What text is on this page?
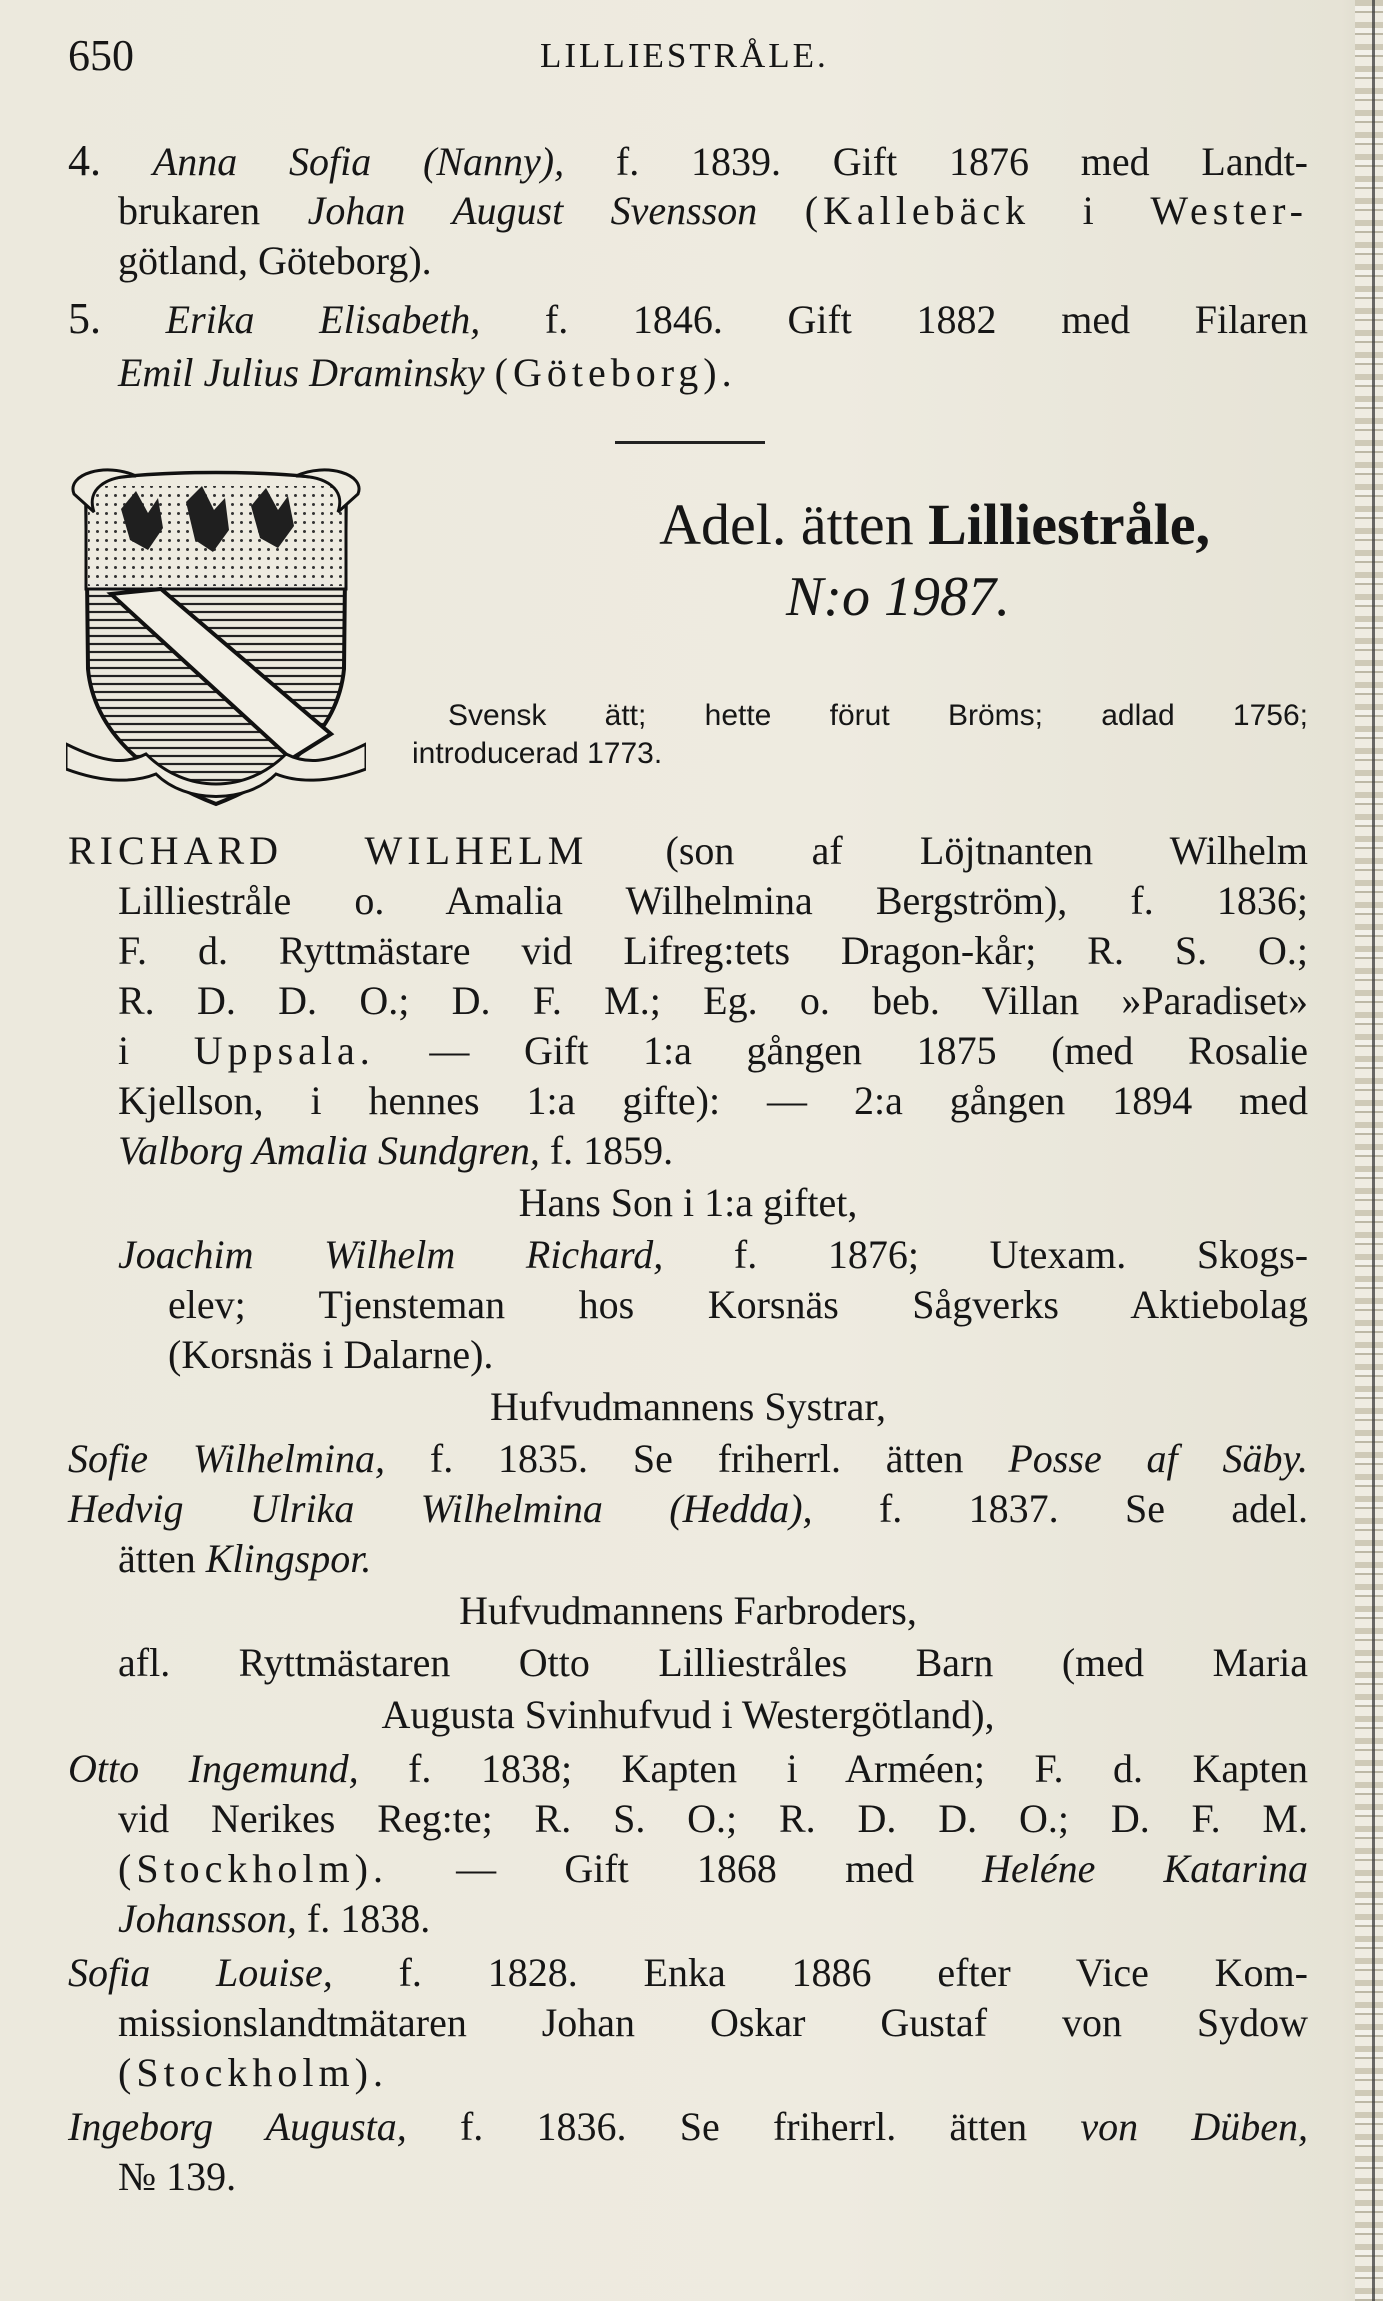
650	LILLIESTRÅLE.
4. Anna Sofia (Nanny), f. 1839. Gift 1876 med Landt-
brukaren Johan August Svensson (Kallebäck i Wester-
götland, Göteborg).
5. Erika Elisabeth, f. 1846. Gift 1882 med Filaren
Emil Julius Draminsky (Göteborg).
Adel. ätten Lilliestråle,
N:o 1987.
Svensk ätt; hette förut Bröms; adlad 1756;
introducerad 1773.
RICHARD WILHELM (son af Löjtnanten Wilhelm
Lilliestråle o. Amalia Wilhelmina Bergström), f. 1836;
F. d. Ryttmästare vid Lifreg:tets Dragon-kår; R. S. O.;
R. D. D. O.; D. F. M.; Eg. o. beb. Villan »Paradiset»
i Uppsala. — Gift 1:a gången 1875 (med Rosalie
Kjellson, i hennes 1:a gifte): — 2:a gången 1894 med
Valborg Amalia Sundgren, f. 1859.
Hans Son i 1:a giftet,
Joachim Wilhelm Richard, f. 1876; Utexam. Skogs-
elev; Tjensteman hos Korsnäs Sågverks Aktiebolag
(Korsnäs i Dalarne).
Hufvudmannens Systrar,
Sofie Wilhelmina, f. 1835. Se friherrl. ätten Posse af Säby.
Hedvig Ulrika Wilhelmina (Hedda), f. 1837. Se adel.
ätten Klingspor.
Hufvudmannens Farbroders,
afl. Ryttmästaren Otto Lilliestråles Barn (med Maria
Augusta Svinhufvud i Westergötland),
Otto Ingemund, f. 1838; Kapten i Arméen; F. d. Kapten
vid Nerikes Reg:te; R. S. O.; R. D. D. O.; D. F. M.
(Stockholm). — Gift 1868 med Heléne Katarina
Johansson, f. 1838.
Sofia Louise, f. 1828. Enka 1886 efter Vice Kom-
missionslandtmätaren Johan Oskar Gustaf von Sydow
(Stockholm).
Ingeborg Augusta, f. 1836. Se friherrl. ätten von Düben,
№ 139.
